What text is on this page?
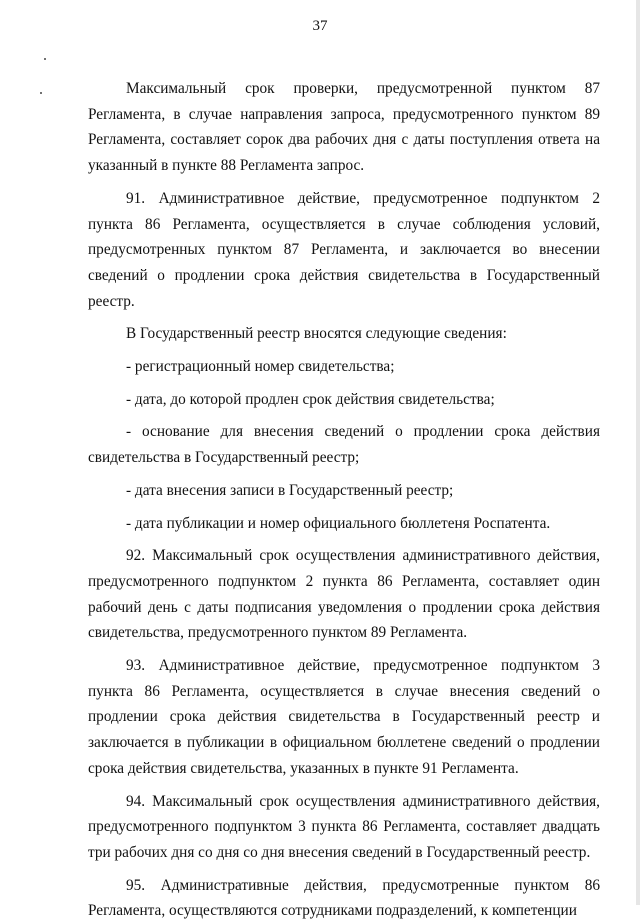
37

Максимальный срок проверки, предусмотренной пунктом 87 Регламента, в случае направления запроса, предусмотренного пунктом 89 Регламента, составляет сорок два рабочих дня с даты поступления ответа на указанный в пункте 88 Регламента запрос.

91. Административное действие, предусмотренное подпунктом 2 пункта 86 Регламента, осуществляется в случае соблюдения условий, предусмотренных пунктом 87 Регламента, и заключается во внесении сведений о продлении срока действия свидетельства в Государственный реестр.

В Государственный реестр вносятся следующие сведения:

- регистрационный номер свидетельства;

- дата, до которой продлен срок действия свидетельства;

- основание для внесения сведений о продлении срока действия свидетельства в Государственный реестр;

- дата внесения записи в Государственный реестр;

- дата публикации и номер официального бюллетеня Роспатента.

92. Максимальный срок осуществления административного действия, предусмотренного подпунктом 2 пункта 86 Регламента, составляет один рабочий день с даты подписания уведомления о продлении срока действия свидетельства, предусмотренного пунктом 89 Регламента.

93. Административное действие, предусмотренное подпунктом 3 пункта 86 Регламента, осуществляется в случае внесения сведений о продлении срока действия свидетельства в Государственный реестр и заключается в публикации в официальном бюллетене сведений о продлении срока действия свидетельства, указанных в пункте 91 Регламента.

94. Максимальный срок осуществления административного действия, предусмотренного подпунктом 3 пункта 86 Регламента, составляет двадцать три рабочих дня со дня со дня внесения сведений в Государственный реестр.

95. Административные действия, предусмотренные пунктом 86 Регламента, осуществляются сотрудниками подразделений, к компетенции
